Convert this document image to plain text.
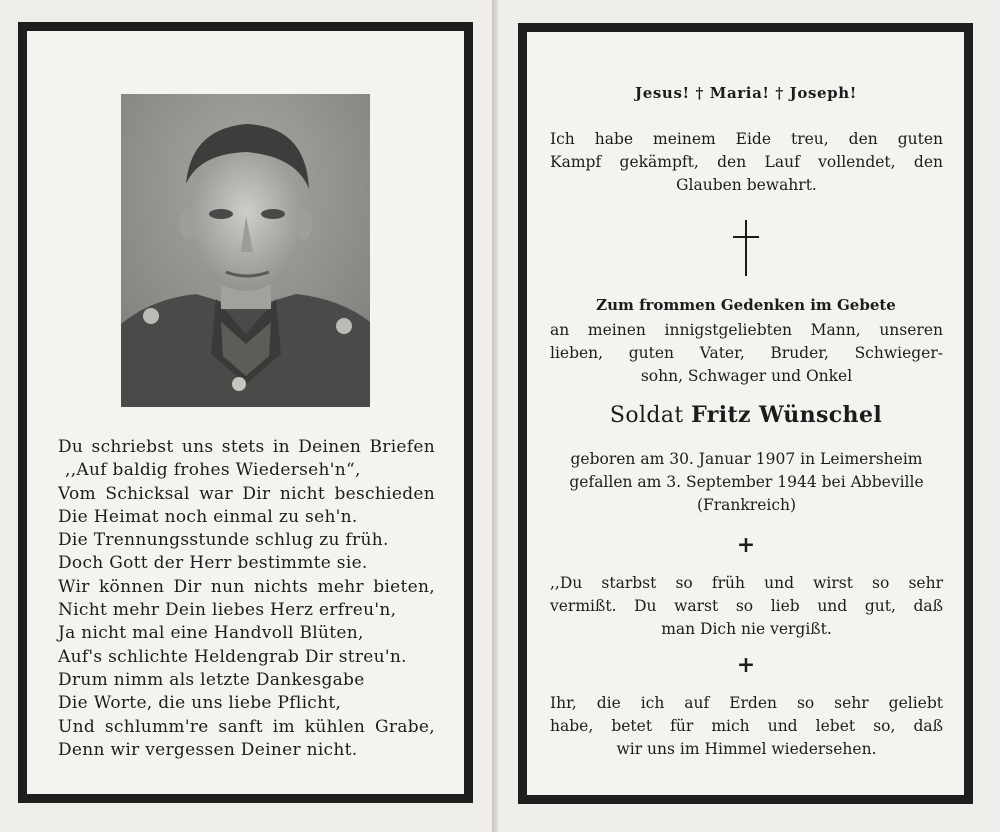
Du schriebst uns stets in Deinen Briefen
,,Auf baldig frohes Wiederseh'n“,
Vom Schicksal war Dir nicht beschieden
Die Heimat noch einmal zu seh'n.
Die Trennungsstunde schlug zu früh.
Doch Gott der Herr bestimmte sie.
Wir können Dir nun nichts mehr bieten,
Nicht mehr Dein liebes Herz erfreu'n,
Ja nicht mal eine Handvoll Blüten,
Auf's schlichte Heldengrab Dir streu'n.
Drum nimm als letzte Dankesgabe
Die Worte, die uns liebe Pflicht,
Und schlumm're sanft im kühlen Grabe,
Denn wir vergessen Deiner nicht.
Jesus! † Maria! † Joseph!
Ich habe meinem Eide treu, den guten
Kampf gekämpft, den Lauf vollendet, den
Glauben bewahrt.
Zum frommen Gedenken im Gebete
an meinen innigstgeliebten Mann, unseren
lieben, guten Vater, Bruder, Schwieger-
sohn, Schwager und Onkel
Soldat Fritz Wünschel
geboren am 30. Januar 1907 in Leimersheim
gefallen am 3. September 1944 bei Abbeville
(Frankreich)
+
,,Du starbst so früh und wirst so sehr
vermißt. Du warst so lieb und gut, daß
man Dich nie vergißt.
+
Ihr, die ich auf Erden so sehr geliebt
habe, betet für mich und lebet so, daß
wir uns im Himmel wiedersehen.
